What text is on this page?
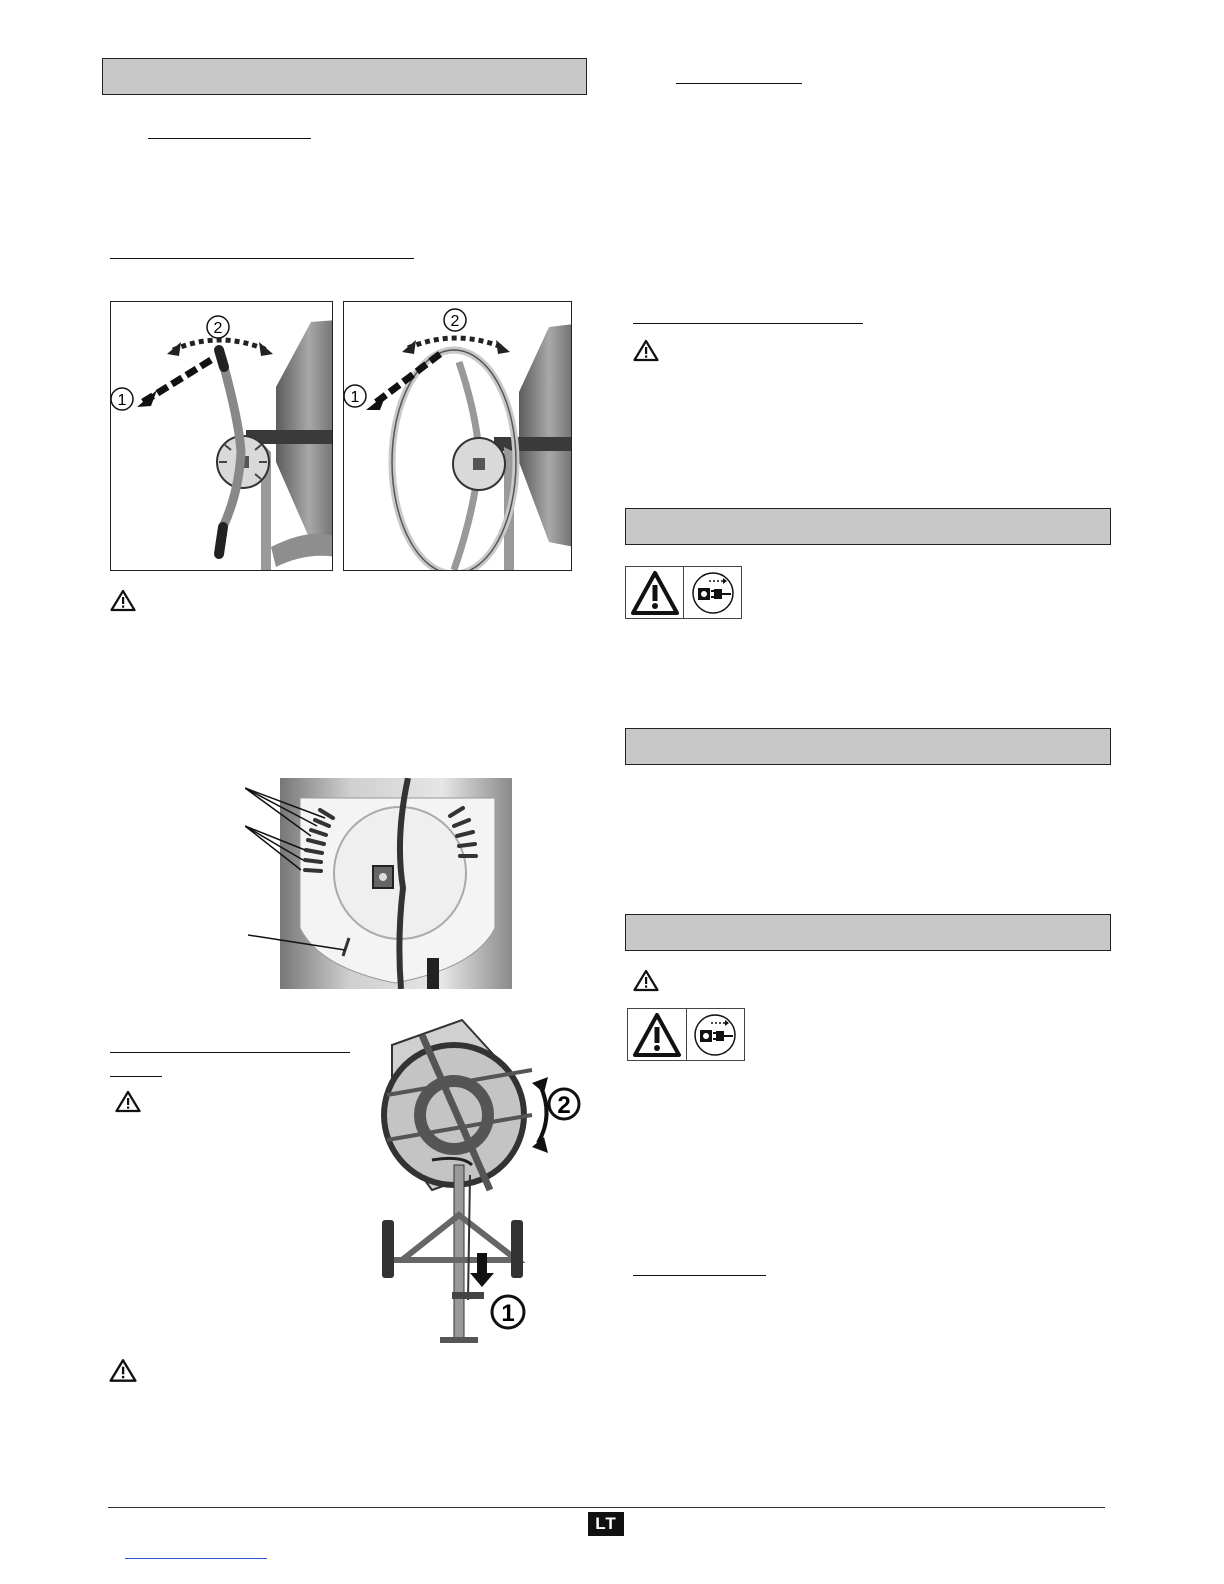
2
1
2
1
2
1
LT
